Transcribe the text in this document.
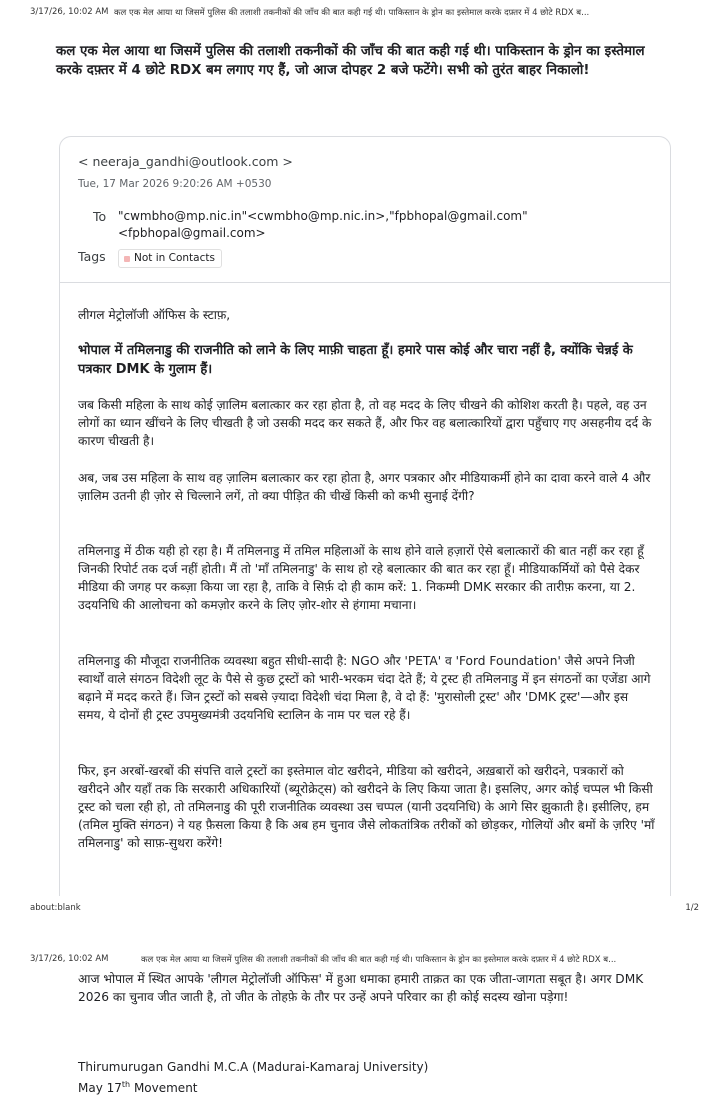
3/17/26, 10:02 AM कल एक मेल आया था जिसमें पुलिस की तलाशी तकनीकों की जाँच की बात कही गई थी। पाकिस्तान के ड्रोन का इस्तेमाल करके दफ़्तर में 4 छोटे RDX ब...
कल एक मेल आया था जिसमें पुलिस की तलाशी तकनीकों की जाँच की बात कही गई थी। पाकिस्तान के ड्रोन का इस्तेमाल करके दफ़्तर में 4 छोटे RDX बम लगाए गए हैं, जो आज दोपहर 2 बजे फटेंगे। सभी को तुरंत बाहर निकालो!
< neeraja_gandhi@outlook.com >
Tue, 17 Mar 2026 9:20:26 AM +0530
To "cwmbho@mp.nic.in"<cwmbho@mp.nic.in>,"fpbhopal@gmail.com" <fpbhopal@gmail.com>
Tags	Not in Contacts
लीगल मेट्रोलॉजी ऑफिस के स्टाफ़,
भोपाल में तमिलनाडु की राजनीति को लाने के लिए माफ़ी चाहता हूँ। हमारे पास कोई और चारा नहीं है, क्योंकि चेन्नई के पत्रकार DMK के गुलाम हैं।
जब किसी महिला के साथ कोई ज़ालिम बलात्कार कर रहा होता है, तो वह मदद के लिए चीखने की कोशिश करती है। पहले, वह उन लोगों का ध्यान खींचने के लिए चीखती है जो उसकी मदद कर सकते हैं, और फिर वह बलात्कारियों द्वारा पहुँचाए गए असहनीय दर्द के कारण चीखती है।
अब, जब उस महिला के साथ वह ज़ालिम बलात्कार कर रहा होता है, अगर पत्रकार और मीडियाकर्मी होने का दावा करने वाले 4 और ज़ालिम उतनी ही ज़ोर से चिल्लाने लगें, तो क्या पीड़ित की चीखें किसी को कभी सुनाई देंगी?
तमिलनाडु में ठीक यही हो रहा है। मैं तमिलनाडु में तमिल महिलाओं के साथ होने वाले हज़ारों ऐसे बलात्कारों की बात नहीं कर रहा हूँ जिनकी रिपोर्ट तक दर्ज नहीं होती। मैं तो 'माँ तमिलनाडु' के साथ हो रहे बलात्कार की बात कर रहा हूँ। मीडियाकर्मियों को पैसे देकर मीडिया की जगह पर कब्ज़ा किया जा रहा है, ताकि वे सिर्फ़ दो ही काम करें: 1. निकम्मी DMK सरकार की तारीफ़ करना, या 2. उदयनिधि की आलोचना को कमज़ोर करने के लिए ज़ोर-शोर से हंगामा मचाना।
तमिलनाडु की मौजूदा राजनीतिक व्यवस्था बहुत सीधी-सादी है: NGO और 'PETA' व 'Ford Foundation' जैसे अपने निजी स्वार्थों वाले संगठन विदेशी लूट के पैसे से कुछ ट्रस्टों को भारी-भरकम चंदा देते हैं; ये ट्रस्ट ही तमिलनाडु में इन संगठनों का एजेंडा आगे बढ़ाने में मदद करते हैं। जिन ट्रस्टों को सबसे ज़्यादा विदेशी चंदा मिला है, वे दो हैं: 'मुरासोली ट्रस्ट' और 'DMK ट्रस्ट'—और इस समय, ये दोनों ही ट्रस्ट उपमुख्यमंत्री उदयनिधि स्टालिन के नाम पर चल रहे हैं।
फिर, इन अरबों-खरबों की संपत्ति वाले ट्रस्टों का इस्तेमाल वोट खरीदने, मीडिया को खरीदने, अख़बारों को खरीदने, पत्रकारों को खरीदने और यहाँ तक कि सरकारी अधिकारियों (ब्यूरोक्रेट्स) को खरीदने के लिए किया जाता है। इसलिए, अगर कोई चप्पल भी किसी ट्रस्ट को चला रही हो, तो तमिलनाडु की पूरी राजनीतिक व्यवस्था उस चप्पल (यानी उदयनिधि) के आगे सिर झुकाती है। इसीलिए, हम (तमिल मुक्ति संगठन) ने यह फ़ैसला किया है कि अब हम चुनाव जैसे लोकतांत्रिक तरीकों को छोड़कर, गोलियों और बमों के ज़रिए 'माँ तमिलनाडु' को साफ़-सुथरा करेंगे!
about:blank	1/2
3/17/26, 10:02 AM	कल एक मेल आया था जिसमें पुलिस की तलाशी तकनीकों की जाँच की बात कही गई थी। पाकिस्तान के ड्रोन का इस्तेमाल करके दफ़्तर में 4 छोटे RDX ब...
आज भोपाल में स्थित आपके 'लीगल मेट्रोलॉजी ऑफिस' में हुआ धमाका हमारी ताक़त का एक जीता-जागता सबूत है। अगर DMK 2026 का चुनाव जीत जाती है, तो जीत के तोहफ़े के तौर पर उन्हें अपने परिवार का ही कोई सदस्य खोना पड़ेगा!
Thirumurugan Gandhi M.C.A (Madurai-Kamaraj University)
May 17th Movement
